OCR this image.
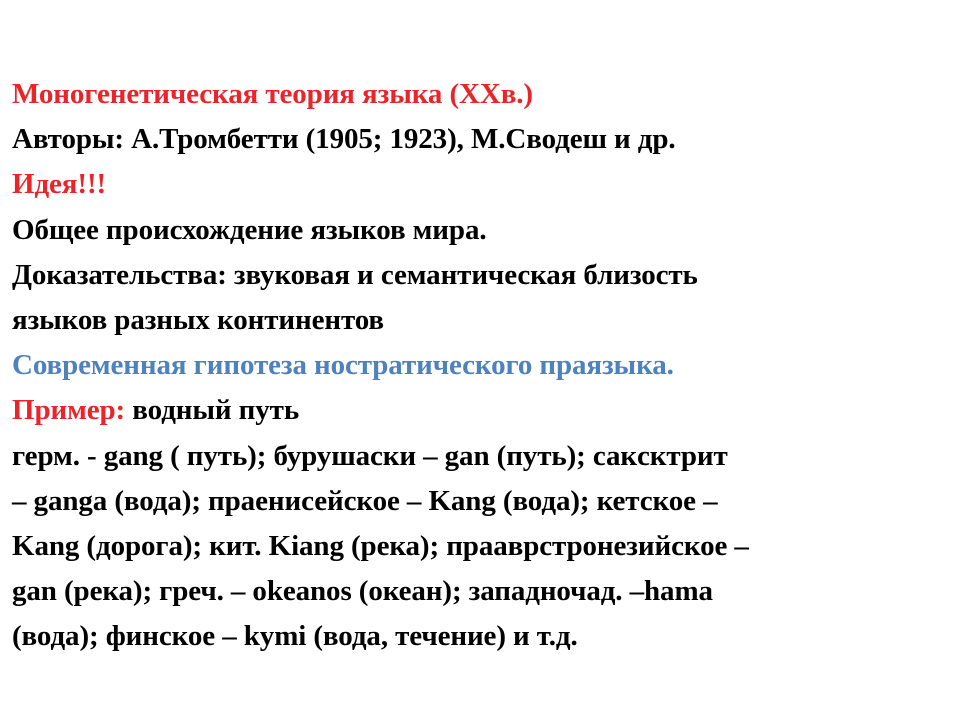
Моногенетическая теория языка (ХХв.)
Авторы: А.Тромбетти (1905; 1923), М.Сводеш и др.
Идея!!!
Общее происхождение языков мира.
Доказательства: звуковая и семантическая близость
языков разных континентов
Современная гипотеза ностратического праязыка.
Пример: водный путь
герм. - gang ( путь); бурушаски – gan (путь); сакcктрит
– ganga (вода); праенисейское – Kang (вода); кетское –
Kang (дорога); кит. Kiang (река); прааврстронезийское –
gan (река); греч. – okeanos (океан); западночад. –hama
(вода); финское – kymi (вода, течение) и т.д.
